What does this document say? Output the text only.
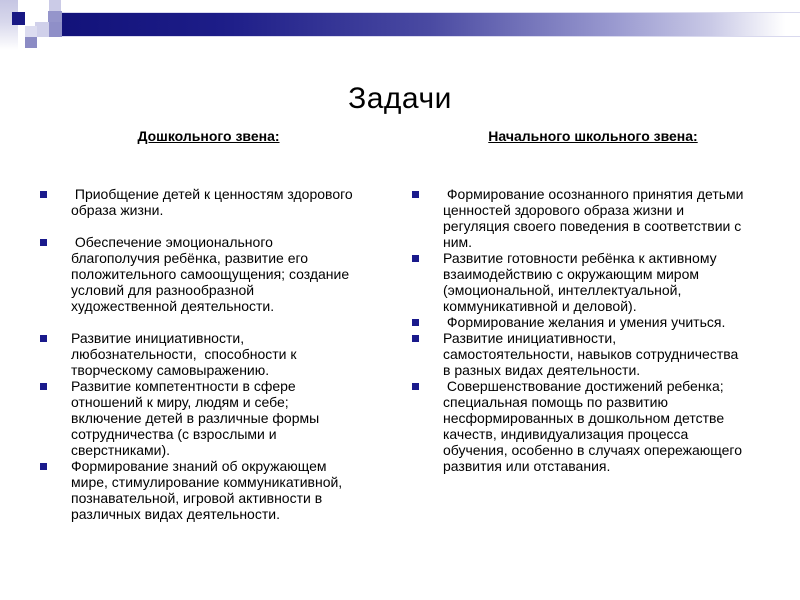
Задачи
Дошкольного звена:
Приобщение детей к ценностям здорового образа жизни.
Обеспечение эмоционального благополучия ребёнка, развитие его положительного самоощущения; создание условий для разнообразной художественной деятельности.
Развитие инициативности, любознательности,  способности к творческому самовыражению.
Развитие компетентности в сфере отношений к миру, людям и себе; включение детей в различные формы сотрудничества (с взрослыми и сверстниками).
Формирование знаний об окружающем мире, стимулирование коммуникативной, познавательной, игровой активности в различных видах деятельности.
Начального школьного звена:
Формирование осознанного принятия детьми ценностей здорового образа жизни и регуляция своего поведения в соответствии с ним.
Развитие готовности ребёнка к активному взаимодействию с окружающим миром (эмоциональной, интеллектуальной, коммуникативной и деловой).
Формирование желания и умения учиться.
Развитие инициативности, самостоятельности, навыков сотрудничества в разных видах деятельности.
Совершенствование достижений ребенка; специальная помощь по развитию несформированных в дошкольном детстве качеств, индивидуализация процесса обучения, особенно в случаях опережающего развития или отставания.
